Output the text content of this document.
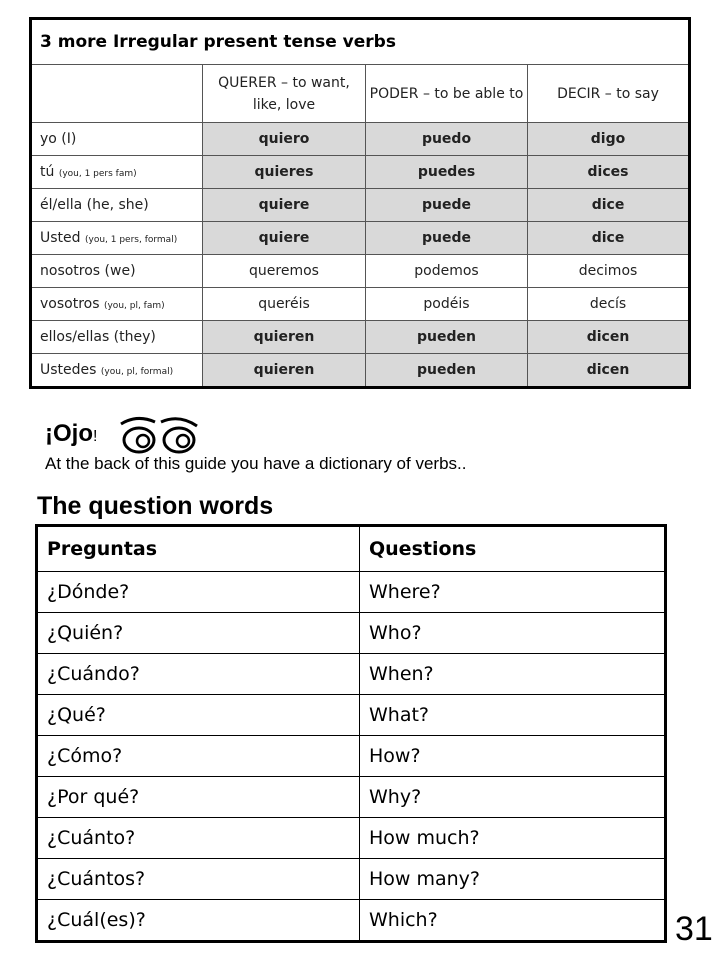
3 more Irregular present tense verbs			
	QUERER – to want, like, love	PODER – to be able to	DECIR – to say
yo (I)	quiero	puedo	digo
tú (you, 1 pers fam)	quieres	puedes	dices
él/ella (he, she)	quiere	puede	dice
Usted (you, 1 pers, formal)	quiere	puede	dice
nosotros (we)	queremos	podemos	decimos
vosotros (you, pl, fam)	queréis	podéis	decís
ellos/ellas (they)	quieren	pueden	dicen
Ustedes (you, pl, formal)	quieren	pueden	dicen
¡Ojo!
At the back of this guide you have a dictionary of verbs..
The question words
Preguntas	Questions
¿Dónde?	Where?
¿Quién?	Who?
¿Cuándo?	When?
¿Qué?	What?
¿Cómo?	How?
¿Por qué?	Why?
¿Cuánto?	How much?
¿Cuántos?	How many?
¿Cuál(es)?	Which?	31
